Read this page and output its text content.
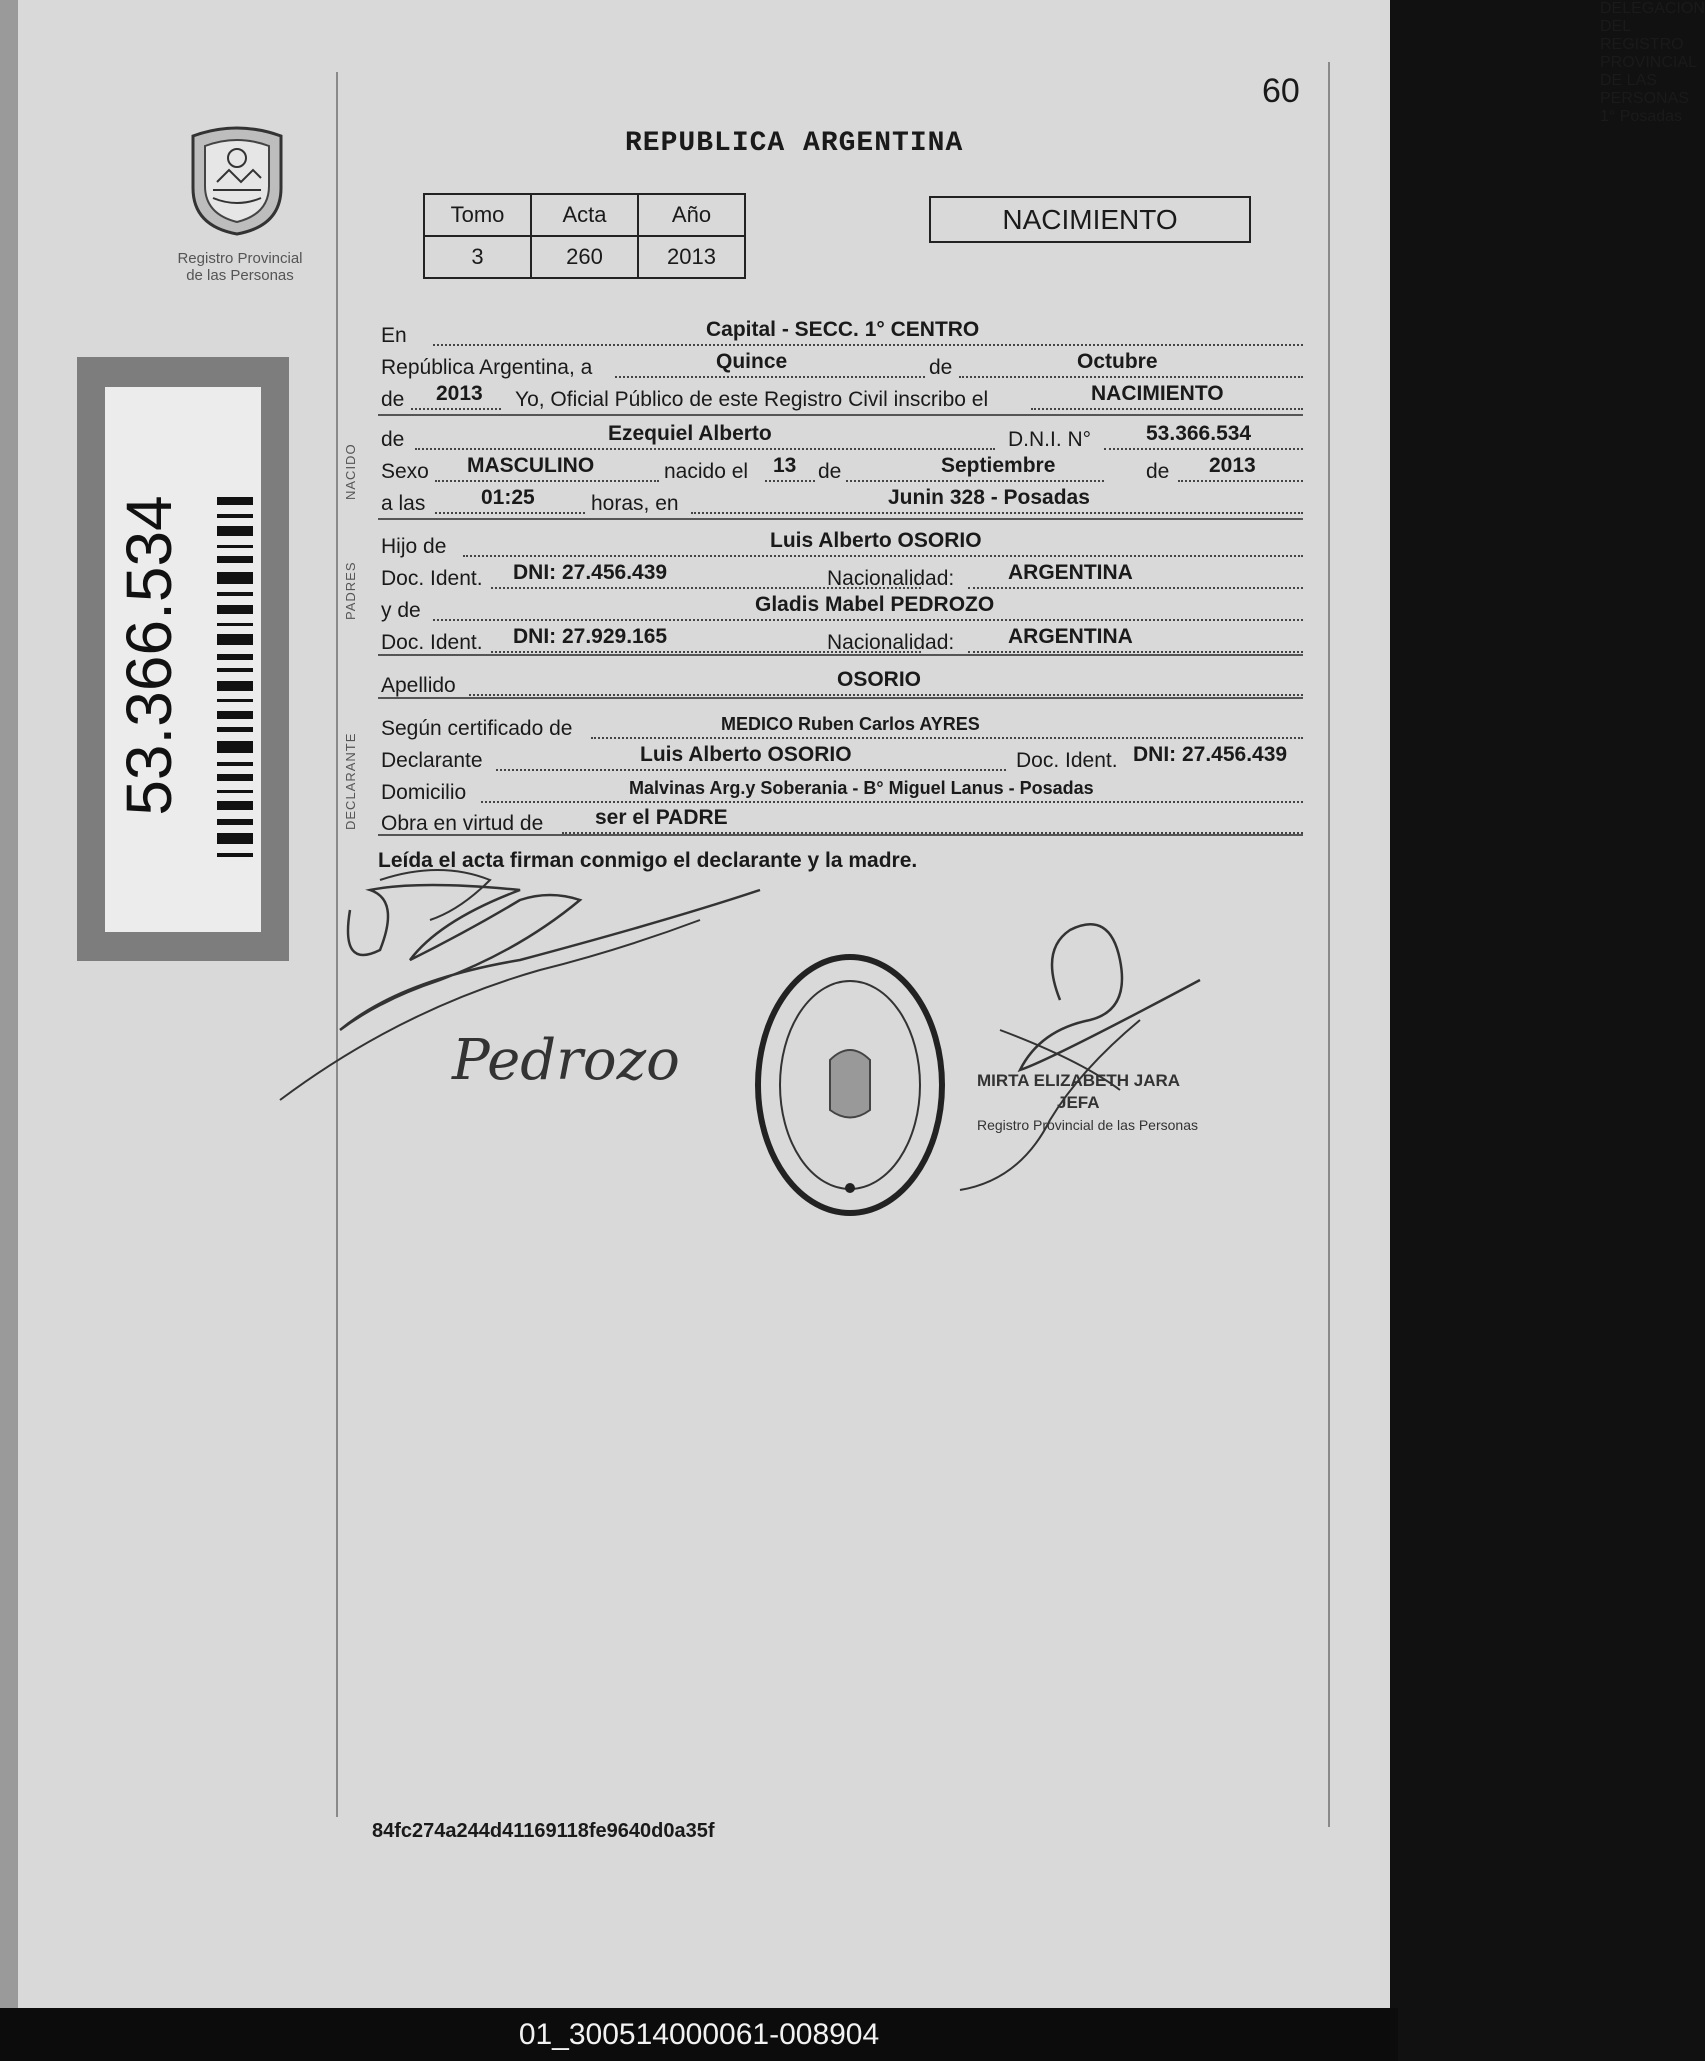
60
REPUBLICA ARGENTINA
Registro Provincial
de las Personas
Tomo	Acta	Año
3	260	2013
NACIMIENTO
53.366.534
NACIDO
PADRES
DECLARANTE
En	Capital - SECC. 1° CENTRO
República Argentina, a	Quince	de	Octubre
de 2013 Yo, Oficial Público de este Registro Civil inscribo el	NACIMIENTO
de	Ezequiel Alberto	D.N.I. N°	53.366.534
Sexo MASCULINO	nacido el 13 de	Septiembre	de 2013
a las	01:25	horas, en	Junin 328 - Posadas
Hijo de	Luis Alberto OSORIO
Doc. Ident. DNI: 27.456.439	Nacionalidad:	ARGENTINA
y de	Gladis Mabel PEDROZO
Doc. Ident. DNI: 27.929.165	Nacionalidad:	ARGENTINA
Apellido	OSORIO
Según certificado de	MEDICO Ruben Carlos AYRES
Declarante	Luis Alberto OSORIO	Doc. Ident. DNI: 27.456.439
Domicilio	Malvinas Arg.y Soberania - B° Miguel Lanus - Posadas
Obra en virtud de ser el PADRE
Leída el acta firman conmigo el declarante y la madre.
Pedrozo
DELEGACION DEL REGISTRO PROVINCIAL DE LAS PERSONAS 1° Posadas
MIRTA ELIZABETH JARA
JEFA
Registro Provincial de las Personas
84fc274a244d41169118fe9640d0a35f
01_300514000061-008904
